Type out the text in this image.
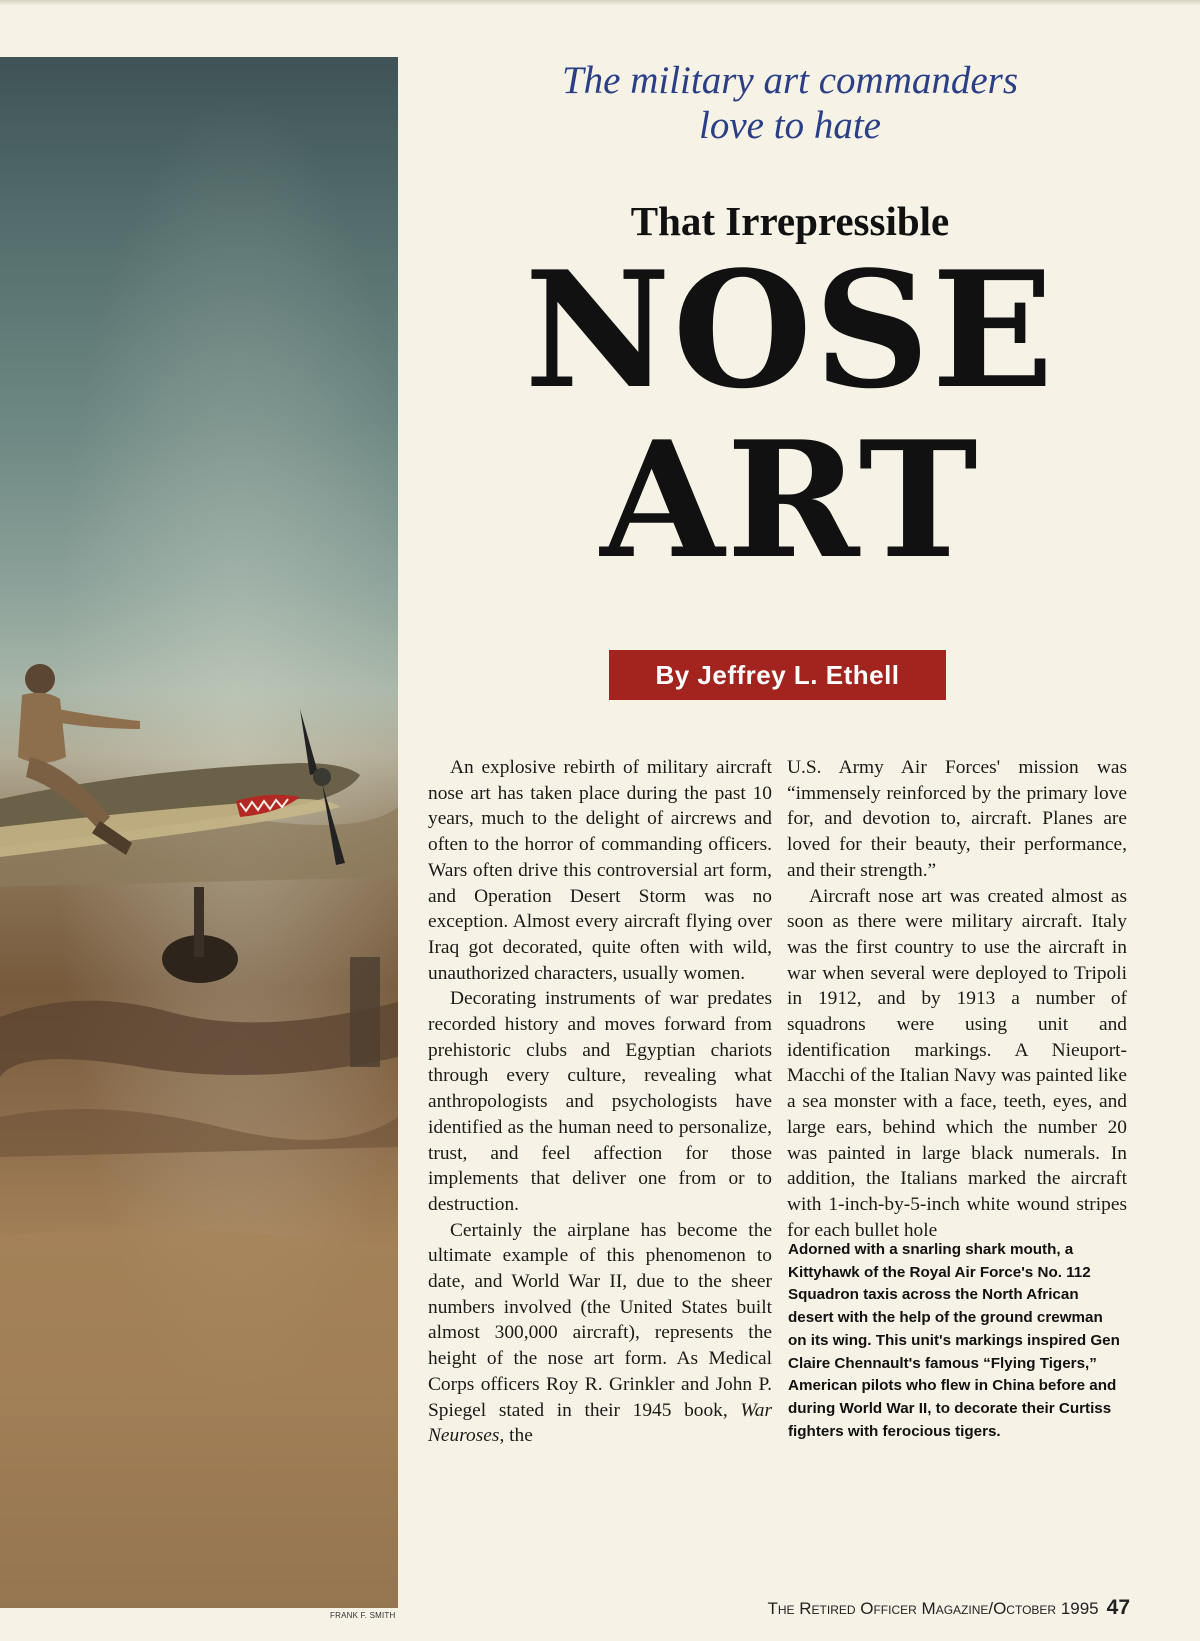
FRANK F. SMITH
The military art commanders
love to hate
That Irrepressible
NOSE
ART
By Jeffrey L. Ethell

An explosive rebirth of military aircraft nose art has taken place during the past 10 years, much to the delight of aircrews and often to the horror of commanding officers. Wars often drive this controversial art form, and Operation Desert Storm was no exception. Almost every aircraft flying over Iraq got decorated, quite often with wild, unauthorized characters, usually women.

Decorating instruments of war predates recorded history and moves forward from prehistoric clubs and Egyptian chariots through every culture, revealing what anthropologists and psychologists have identified as the human need to personalize, trust, and feel affection for those implements that deliver one from or to destruction.

Certainly the airplane has become the ultimate example of this phenomenon to date, and World War II, due to the sheer numbers involved (the United States built almost 300,000 aircraft), represents the height of the nose art form. As Medical Corps officers Roy R. Grinkler and John P. Spiegel stated in their 1945 book, War Neuroses, the

U.S. Army Air Forces' mission was “immensely reinforced by the primary love for, and devotion to, aircraft. Planes are loved for their beauty, their performance, and their strength.”

Aircraft nose art was created almost as soon as there were military aircraft. Italy was the first country to use the aircraft in war when several were deployed to Tripoli in 1912, and by 1913 a number of squadrons were using unit and identification markings. A Nieuport-Macchi of the Italian Navy was painted like a sea monster with a face, teeth, eyes, and large ears, behind which the number 20 was painted in large black numerals. In addition, the Italians marked the aircraft with 1-inch-by-5-inch white wound stripes for each bullet hole

Adorned with a snarling shark mouth, a Kittyhawk of the Royal Air Force's No. 112 Squadron taxis across the North African desert with the help of the ground crewman on its wing. This unit's markings inspired Gen Claire Chennault's famous “Flying Tigers,” American pilots who flew in China before and during World War II, to decorate their Curtiss fighters with ferocious tigers.
The Retired Officer Magazine/October 1995 47
